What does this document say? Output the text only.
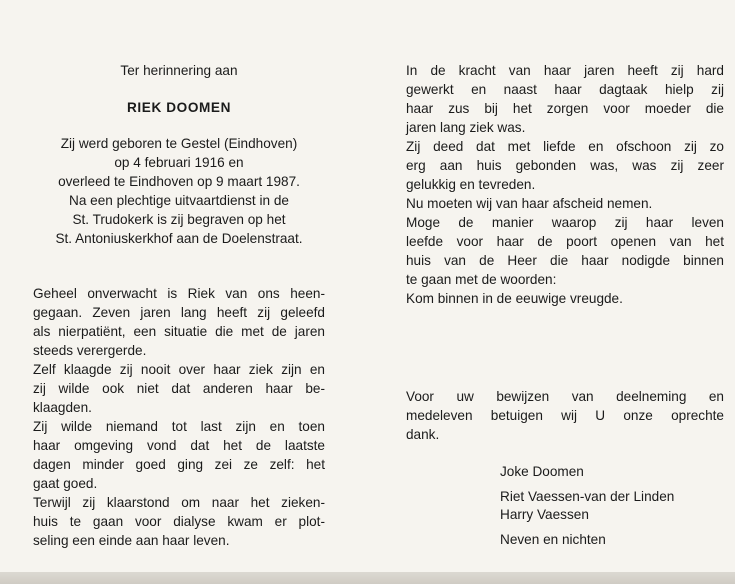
Ter herinnering aan
RIEK DOOMEN
Zij werd geboren te Gestel (Eindhoven)
op 4 februari 1916 en
overleed te Eindhoven op 9 maart 1987.
Na een plechtige uitvaartdienst in de
St. Trudokerk is zij begraven op het
St. Antoniuskerkhof aan de Doelenstraat.
Geheel onverwacht is Riek van ons heen-
gegaan. Zeven jaren lang heeft zij geleefd
als nierpatiënt, een situatie die met de jaren
steeds verergerde.
Zelf klaagde zij nooit over haar ziek zijn en
zij wilde ook niet dat anderen haar be-
klaagden.
Zij wilde niemand tot last zijn en toen
haar omgeving vond dat het de laatste
dagen minder goed ging zei ze zelf: het
gaat goed.
Terwijl zij klaarstond om naar het zieken-
huis te gaan voor dialyse kwam er plot-
seling een einde aan haar leven.
In de kracht van haar jaren heeft zij hard
gewerkt en naast haar dagtaak hielp zij
haar zus bij het zorgen voor moeder die
jaren lang ziek was.
Zij deed dat met liefde en ofschoon zij zo
erg aan huis gebonden was, was zij zeer
gelukkig en tevreden.
Nu moeten wij van haar afscheid nemen.
Moge de manier waarop zij haar leven
leefde voor haar de poort openen van het
huis van de Heer die haar nodigde binnen
te gaan met de woorden:
Kom binnen in de eeuwige vreugde.
Voor uw bewijzen van deelneming en
medeleven betuigen wij U onze oprechte
dank.
Joke Doomen
Riet Vaessen-van der Linden
Harry Vaessen
Neven en nichten
